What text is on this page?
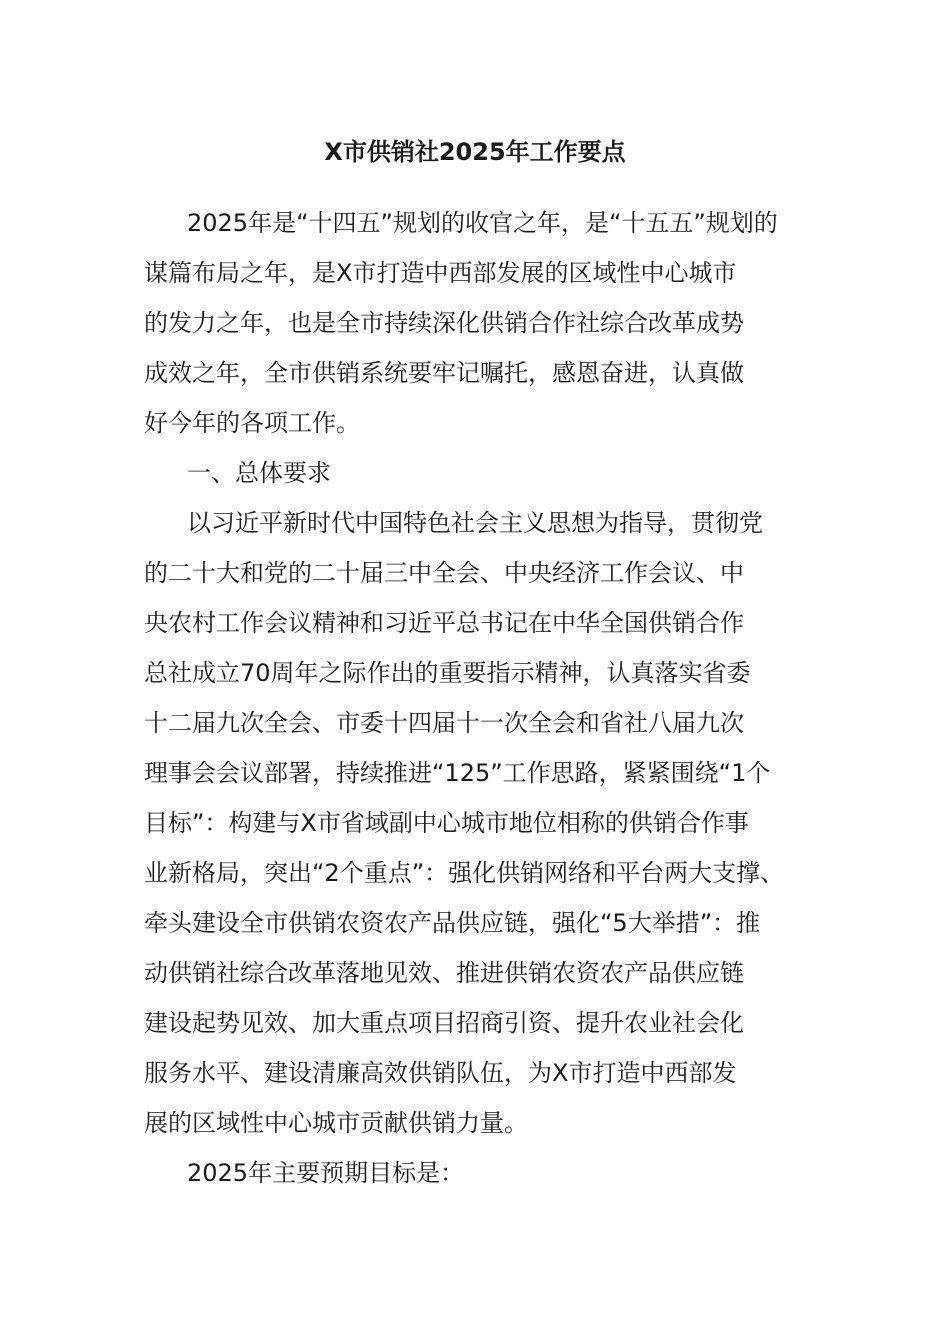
X市供销社2025年工作要点
2025年是“十四五”规划的收官之年，是“十五五”规划的
谋篇布局之年，是X市打造中西部发展的区域性中心城市
的发力之年，也是全市持续深化供销合作社综合改革成势
成效之年，全市供销系统要牢记嘱托，感恩奋进，认真做
好今年的各项工作。
一、总体要求
以习近平新时代中国特色社会主义思想为指导，贯彻党
的二十大和党的二十届三中全会、中央经济工作会议、中
央农村工作会议精神和习近平总书记在中华全国供销合作
总社成立70周年之际作出的重要指示精神，认真落实省委
十二届九次全会、市委十四届十一次全会和省社八届九次
理事会会议部署，持续推进“125”工作思路，紧紧围绕“1个
目标”：构建与X市省域副中心城市地位相称的供销合作事
业新格局，突出“2个重点”：强化供销网络和平台两大支撑、
牵头建设全市供销农资农产品供应链，强化“5大举措”：推
动供销社综合改革落地见效、推进供销农资农产品供应链
建设起势见效、加大重点项目招商引资、提升农业社会化
服务水平、建设清廉高效供销队伍，为X市打造中西部发
展的区域性中心城市贡献供销力量。
2025年主要预期目标是：
